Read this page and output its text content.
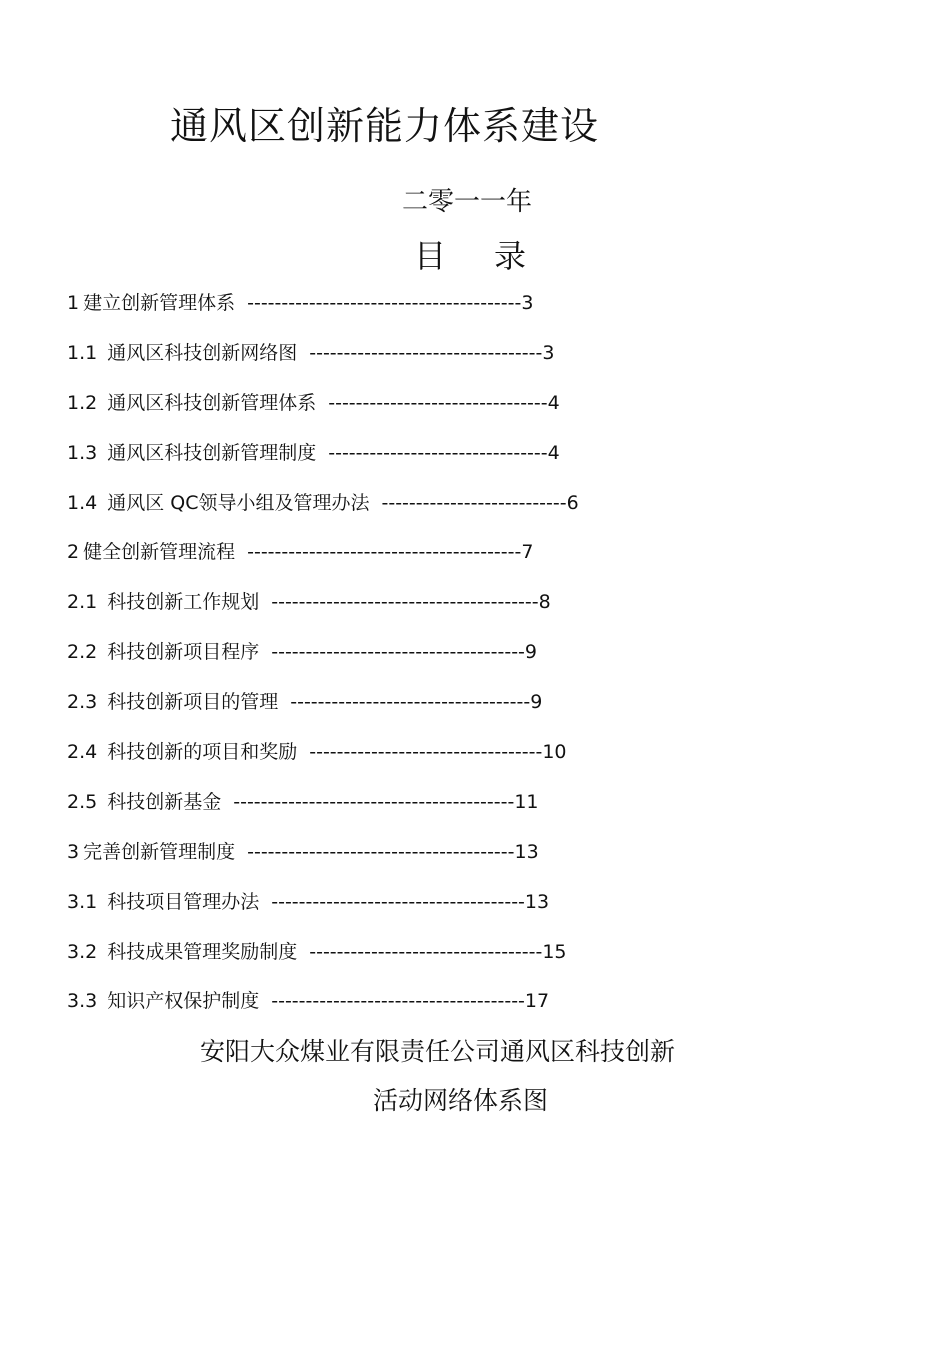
通风区创新能力体系建设
二零一一年
目录
1 建立创新管理体系 ---------------------------------------- 3
1.1 通风区科技创新网络图 ---------------------------------- 3
1.2 通风区科技创新管理体系 -------------------------------- 4
1.3 通风区科技创新管理制度 -------------------------------- 4
1.4 通风区 QC领导小组及管理办法 --------------------------- 6
2 健全创新管理流程 ---------------------------------------- 7
2.1 科技创新工作规划 --------------------------------------- 8
2.2 科技创新项目程序 ------------------------------------- 9
2.3 科技创新项目的管理 ----------------------------------- 9
2.4 科技创新的项目和奖励 ---------------------------------- 10
2.5 科技创新基金 ----------------------------------------- 11
3 完善创新管理制度 --------------------------------------- 13
3.1 科技项目管理办法 ------------------------------------- 13
3.2 科技成果管理奖励制度 ---------------------------------- 15
3.3 知识产权保护制度 ------------------------------------- 17
安阳大众煤业有限责任公司通风区科技创新
活动网络体系图
